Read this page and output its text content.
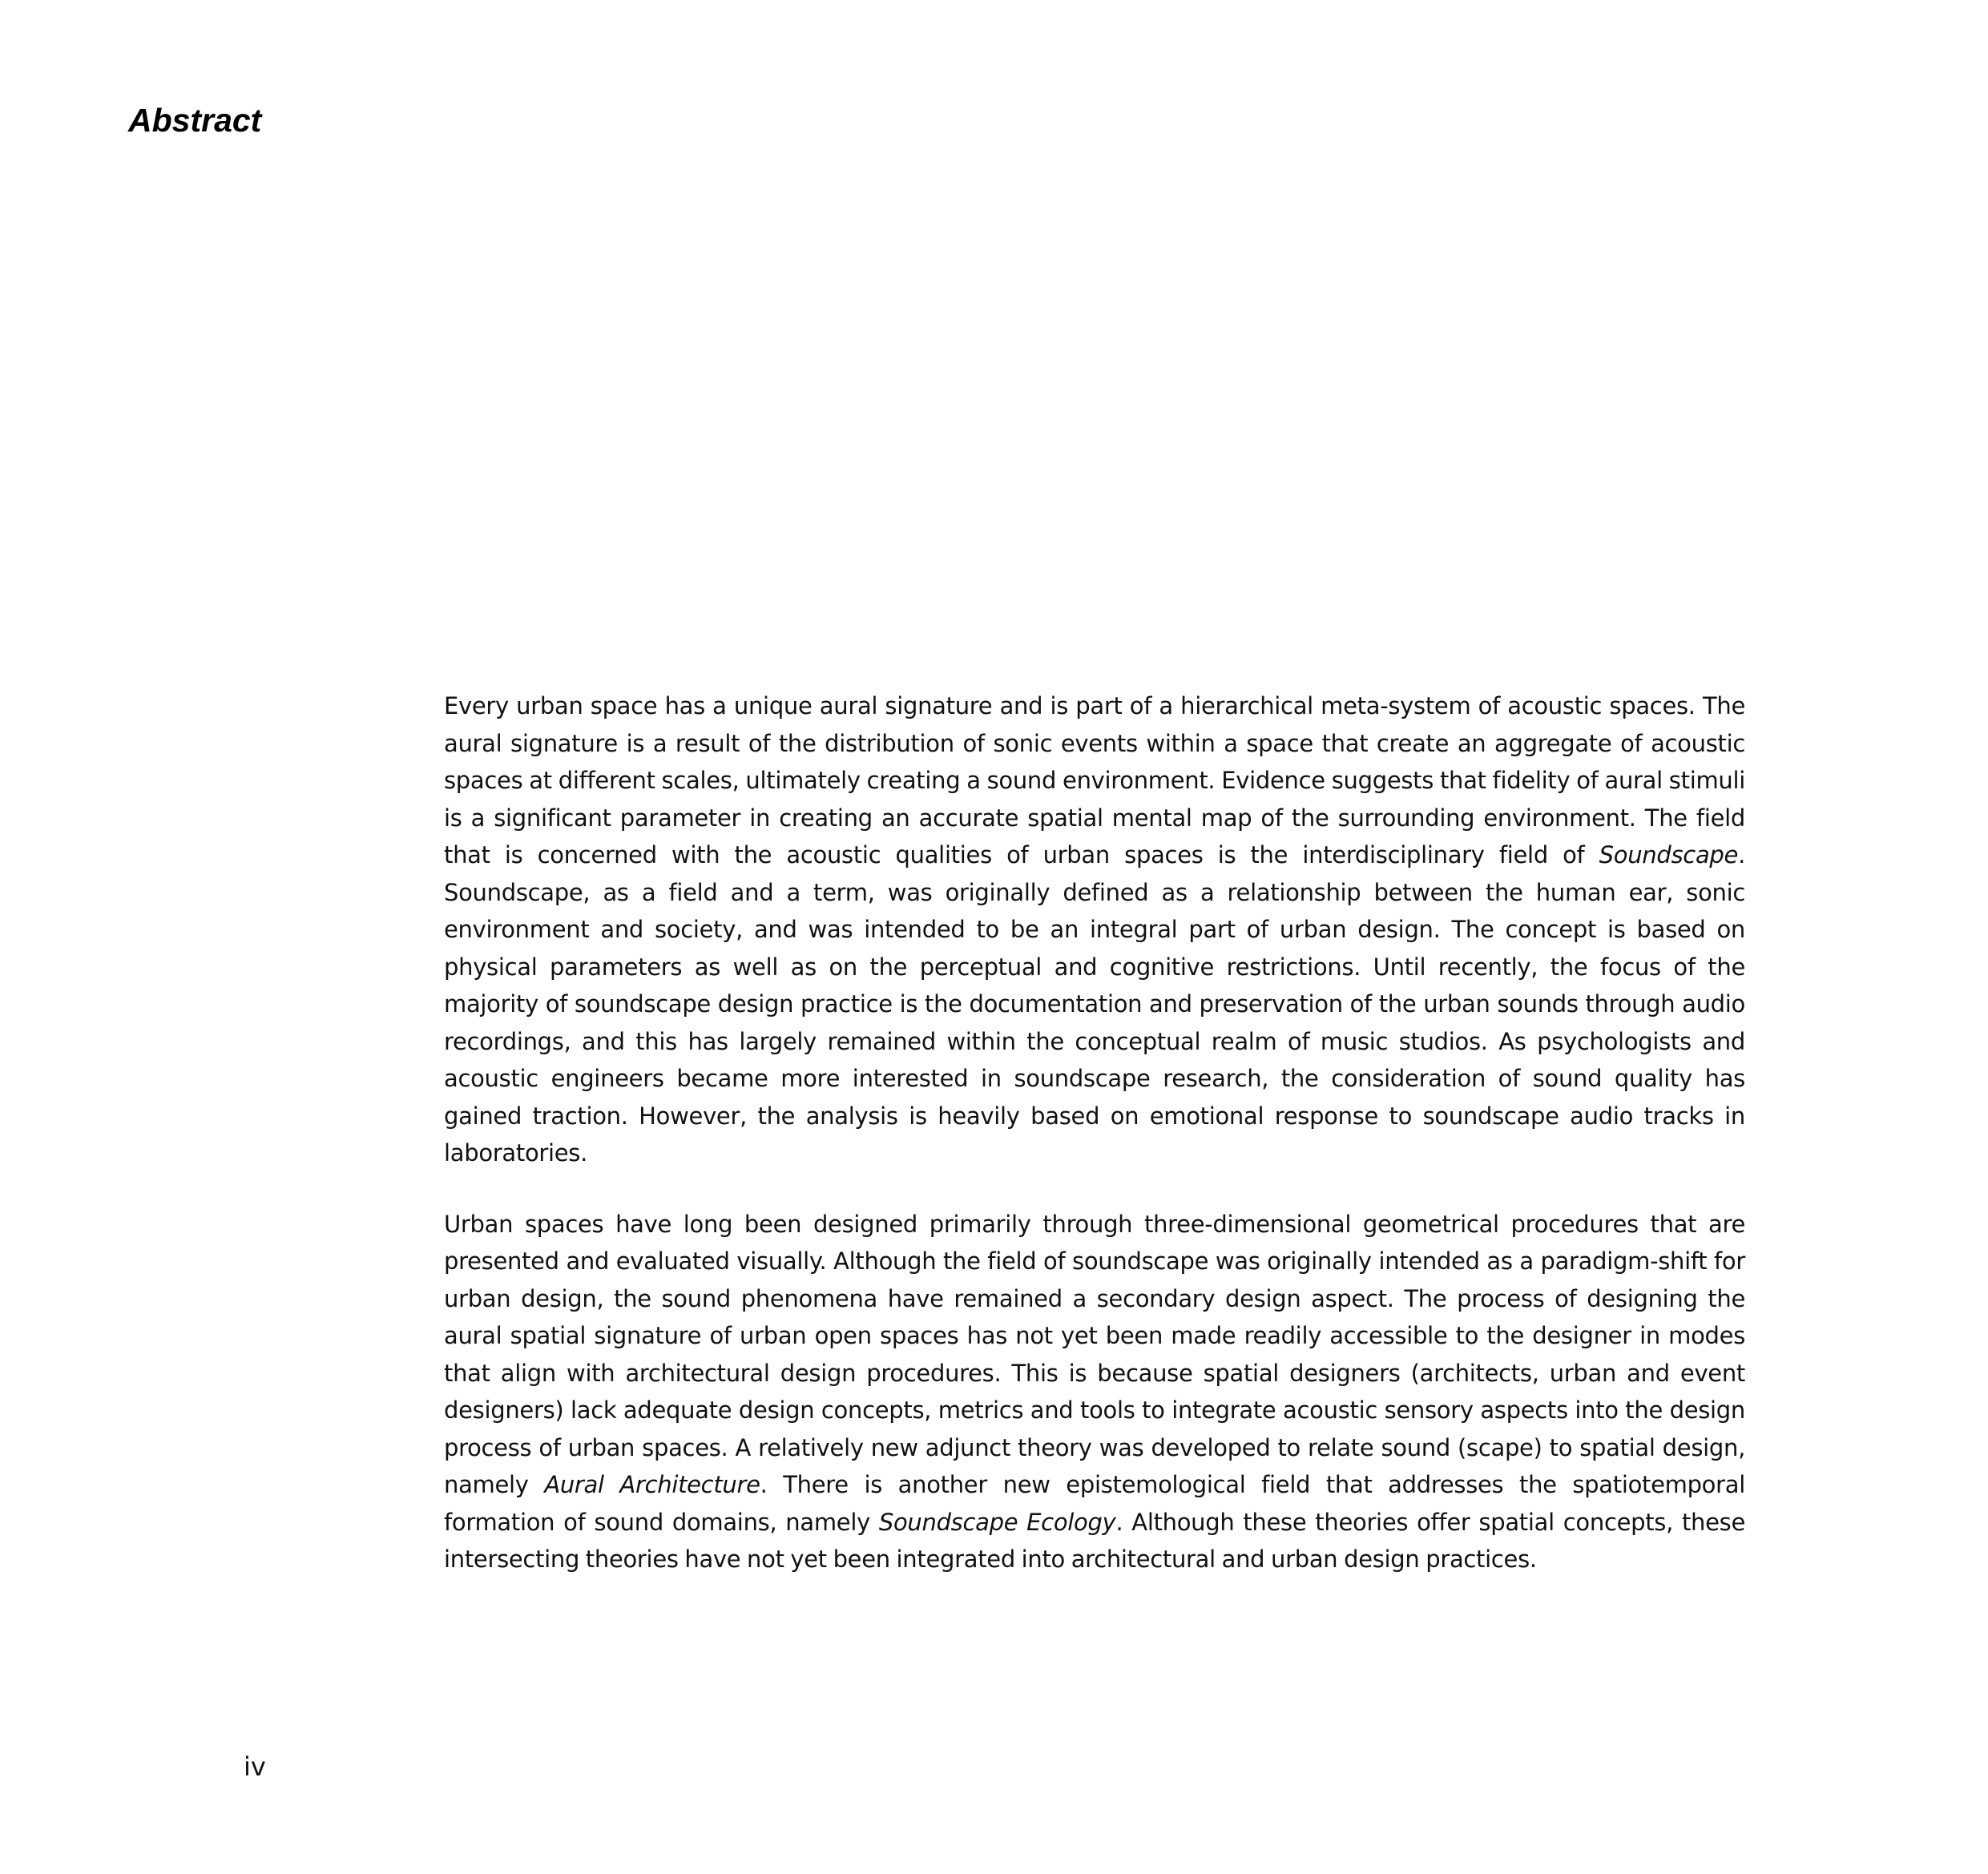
Abstract

Every urban space has a unique aural signature and is part of a hierarchical meta-system of acoustic spaces. The aural signature is a result of the distribution of sonic events within a space that create an aggregate of acoustic spaces at different scales, ultimately creating a sound environment. Evidence suggests that fidelity of aural stimuli is a significant parameter in creating an accurate spatial mental map of the surrounding environment. The field that is concerned with the acoustic qualities of urban spaces is the interdisciplinary field of Soundscape. Soundscape, as a field and a term, was originally defined as a relationship between the human ear, sonic environment and society, and was intended to be an integral part of urban design. The concept is based on physical parameters as well as on the perceptual and cognitive restrictions. Until recently, the focus of the majority of soundscape design practice is the documentation and preservation of the urban sounds through audio recordings, and this has largely remained within the conceptual realm of music studios. As psychologists and acoustic engineers became more interested in soundscape research, the consideration of sound quality has gained traction. However, the analysis is heavily based on emotional response to soundscape audio tracks in laboratories.

Urban spaces have long been designed primarily through three-dimensional geometrical procedures that are presented and evaluated visually. Although the field of soundscape was originally intended as a paradigm-shift for urban design, the sound phenomena have remained a secondary design aspect. The process of designing the aural spatial signature of urban open spaces has not yet been made readily accessible to the designer in modes that align with architectural design procedures. This is because spatial designers (architects, urban and event designers) lack adequate design concepts, metrics and tools to integrate acoustic sensory aspects into the design process of urban spaces. A relatively new adjunct theory was developed to relate sound (scape) to spatial design, namely Aural Architecture. There is another new epistemological field that addresses the spatiotemporal formation of sound domains, namely Soundscape Ecology. Although these theories offer spatial concepts, these intersecting theories have not yet been integrated into architectural and urban design practices.

iv
